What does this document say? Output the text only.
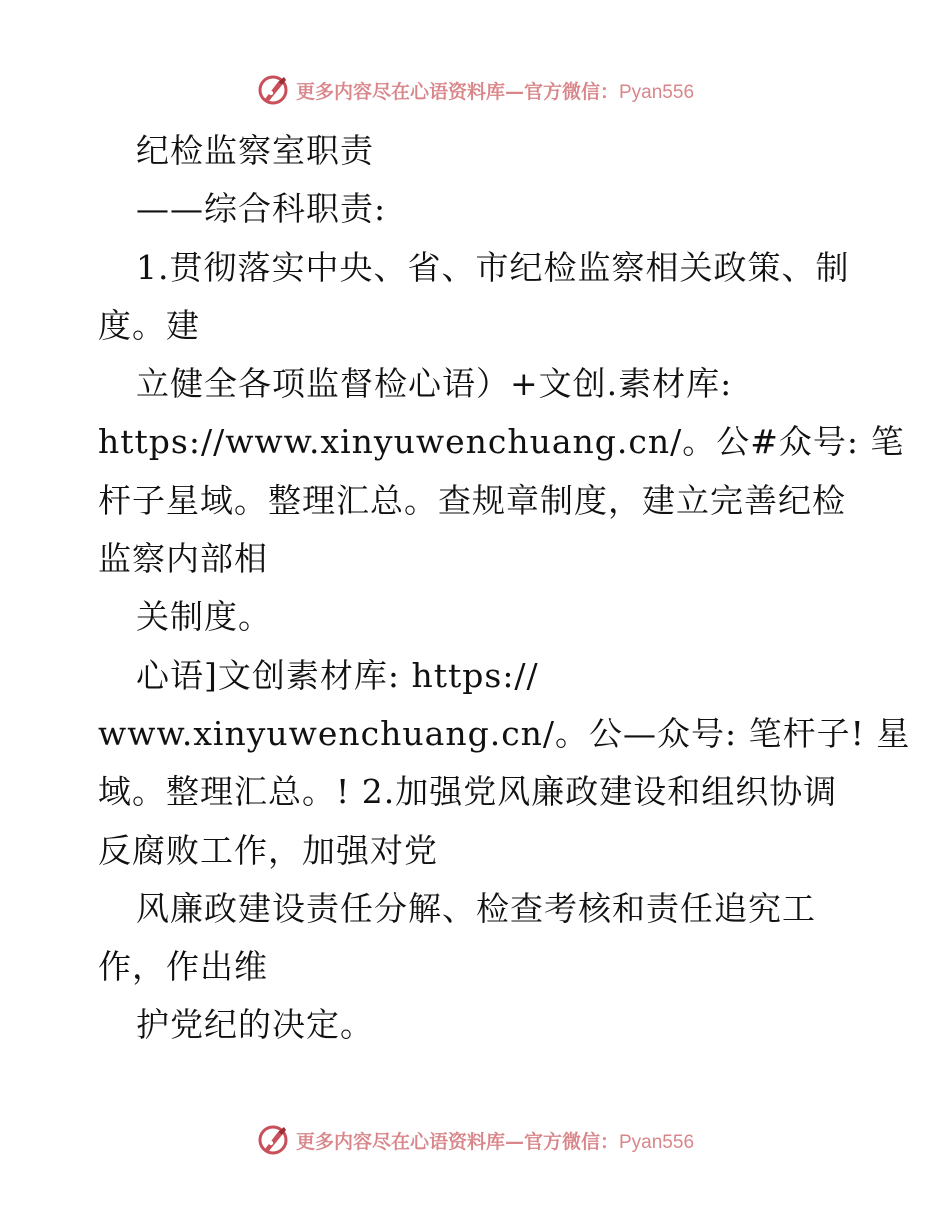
更多内容尽在心语资料库—官方微信：Pyan556
纪检监察室职责
——综合科职责:
1.贯彻落实中央、省、市纪检监察相关政策、制
度。建
立健全各项监督检心语）+文创.素材库:
https://www.xinyuwenchuang.cn/。公#众号: 笔
杆子星域。整理汇总。查规章制度，建立完善纪检
监察内部相
关制度。
心语]文创素材库: https://
www.xinyuwenchuang.cn/。公—众号: 笔杆子! 星
域。整理汇总。! 2.加强党风廉政建设和组织协调
反腐败工作，加强对党
风廉政建设责任分解、检查考核和责任追究工
作，作出维
护党纪的决定。
更多内容尽在心语资料库—官方微信：Pyan556
